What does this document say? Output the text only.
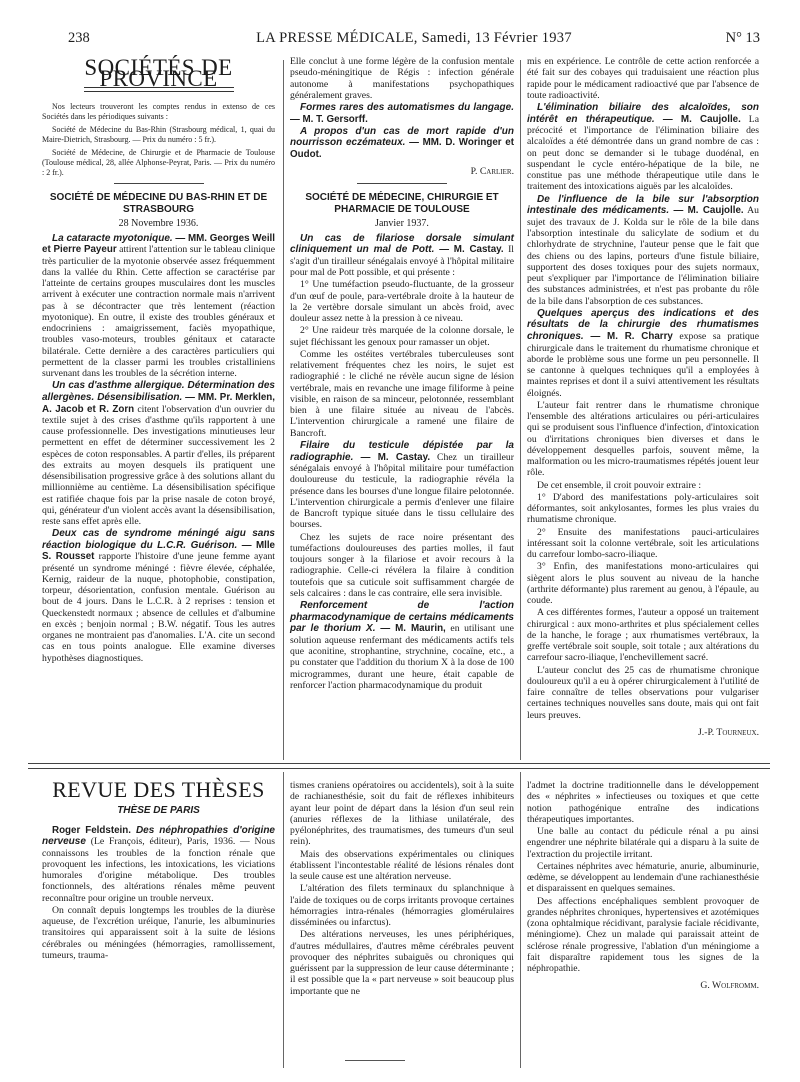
238	LA PRESSE MÉDICALE, Samedi, 13 Février 1937	N° 13
SOCIÉTÉS DE PROVINCE

Nos lecteurs trouveront les comptes rendus in extenso de ces Sociétés dans les périodiques suivants :

Société de Médecine du Bas-Rhin (Strasbourg médical, 1, quai du Maire-Dietrich, Strasbourg. — Prix du numéro : 5 fr.).

Société de Médecine, de Chirurgie et de Pharmacie de Toulouse (Toulouse médical, 28, allée Alphonse-Peyrat, Paris. — Prix du numéro : 2 fr.).

SOCIÉTÉ DE MÉDECINE DU BAS-RHIN ET DE STRASBOURG
28 Novembre 1936.

La cataracte myotonique. — MM. Georges Weill et Pierre Payeur attirent l'attention sur le tableau clinique très particulier de la myotonie observée assez fréquemment dans la vallée du Rhin. Cette affection se caractérise par l'atteinte de certains groupes musculaires dont les muscles arrivent à exécuter une contraction normale mais n'arrivent pas à se décontracter que très lentement (réaction myotonique). En outre, il existe des troubles généraux et endocriniens : amaigrissement, faciès myopathique, troubles vaso-moteurs, troubles génitaux et cataracte bilatérale. Cette dernière a des caractères particuliers qui permettent de la classer parmi les troubles cristalliniens survenant dans les troubles de la sécrétion interne.

Un cas d'asthme allergique. Détermination des allergènes. Désensibilisation. — MM. Pr. Merklen, A. Jacob et R. Zorn citent l'observation d'un ouvrier du textile sujet à des crises d'asthme qu'ils rapportent à une cause professionnelle. Des investigations minutieuses leur permettent en effet de déterminer successivement les 2 espèces de coton responsables. A partir d'elles, ils préparent des extraits au moyen desquels ils pratiquent une désensibilisation progressive grâce à des solutions allant du millionnième au centième. La désensibilisation spécifique est ratifiée chaque fois par la prise nasale de coton broyé, qui, générateur d'un violent accès avant la désensibilisation, reste sans effet après elle.

Deux cas de syndrome méningé aigu sans réaction biologique du L.C.R. Guérison. — Mlle S. Rousset rapporte l'histoire d'une jeune femme ayant présenté un syndrome méningé : fièvre élevée, céphalée, Kernig, raideur de la nuque, photophobie, constipation, torpeur, désorientation, confusion mentale. Guérison au bout de 4 jours. Dans le L.C.R. à 2 reprises : tension et Queckenstedt normaux ; absence de cellules et d'albumine en excès ; benjoin normal ; B.W. négatif. Tous les autres organes ne montraient pas d'anomalies. L'A. cite un second cas en tous points analogue. Elle examine diverses hypothèses diagnostiques.

Elle conclut à une forme légère de la confusion mentale pseudo-méningitique de Régis : infection générale autonome à manifestations psychopathiques généralement graves.

Formes rares des automatismes du langage. — M. T. Gersorff.

A propos d'un cas de mort rapide d'un nourrisson eczémateux. — MM. D. Woringer et Oudot.

P. Carlier.

SOCIÉTÉ DE MÉDECINE, CHIRURGIE ET PHARMACIE DE TOULOUSE
Janvier 1937.

Un cas de filariose dorsale simulant cliniquement un mal de Pott. — M. Castay. Il s'agit d'un tirailleur sénégalais envoyé à l'hôpital militaire pour mal de Pott possible, et qui présente :

1° Une tuméfaction pseudo-fluctuante, de la grosseur d'un œuf de poule, para-vertébrale droite à la hauteur de la 2e vertèbre dorsale simulant un abcès froid, avec douleur assez nette à la pression à ce niveau.

2° Une raideur très marquée de la colonne dorsale, le sujet fléchissant les genoux pour ramasser un objet.

Comme les ostéites vertébrales tuberculeuses sont relativement fréquentes chez les noirs, le sujet est radiographié : le cliché ne révèle aucun signe de lésion vertébrale, mais en revanche une image filiforme à peine visible, en raison de sa minceur, pelotonnée, ressemblant bien à une filaire située au niveau de l'abcès. L'intervention chirurgicale a ramené une filaire de Bancroft.

Filaire du testicule dépistée par la radiographie. — M. Castay. Chez un tirailleur sénégalais envoyé à l'hôpital militaire pour tuméfaction douloureuse du testicule, la radiographie révéla la présence dans les bourses d'une longue filaire pelotonnée. L'intervention chirurgicale a permis d'enlever une filaire de Bancroft typique située dans le tissu cellulaire des bourses.

Chez les sujets de race noire présentant des tuméfactions douloureuses des parties molles, il faut toujours songer à la filariose et avoir recours à la radiographie. Celle-ci révélera la filaire à condition toutefois que sa cuticule soit suffisamment chargée de sels calcaires : dans le cas contraire, elle sera invisible.

Renforcement de l'action pharmacodynamique de certains médicaments par le thorium X. — M. Maurin, en utilisant une solution aqueuse renfermant des médicaments actifs tels que aconitine, strophantine, strychnine, cocaïne, etc., a pu constater que l'addition du thorium X à la dose de 100 microgrammes, durant une heure, était capable de renforcer l'action pharmacodynamique du produit

mis en expérience. Le contrôle de cette action renforcée a été fait sur des cobayes qui traduisaient une réaction plus rapide pour le médicament radioactivé que par l'absence de toute radioactivité.

L'élimination biliaire des alcaloïdes, son intérêt en thérapeutique. — M. Caujolle. La précocité et l'importance de l'élimination biliaire des alcaloïdes a été démontrée dans un grand nombre de cas : on peut donc se demander si le tubage duodénal, en suspendant le cycle entéro-hépatique de la bile, ne constitue pas une méthode thérapeutique utile dans le traitement des intoxications aiguës par les alcaloïdes.

De l'influence de la bile sur l'absorption intestinale des médicaments. — M. Caujolle. Au sujet des travaux de J. Kolda sur le rôle de la bile dans l'absorption intestinale du salicylate de sodium et du chlorhydrate de strychnine, l'auteur pense que le fait que des chiens ou des lapins, porteurs d'une fistule biliaire, supportent des doses toxiques pour des sujets normaux, peut s'expliquer par l'importance de l'élimination biliaire des substances administrées, et n'est pas probante du rôle de la bile dans l'absorption de ces substances.

Quelques aperçus des indications et des résultats de la chirurgie des rhumatismes chroniques. — M. R. Charry expose sa pratique chirurgicale dans le traitement du rhumatisme chronique et aborde le problème sous une forme un peu personnelle. Il se cantonne à quelques techniques qu'il a employées à maintes reprises et dont il a suivi attentivement les résultats éloignés.

L'auteur fait rentrer dans le rhumatisme chronique l'ensemble des altérations articulaires ou péri-articulaires qui se produisent sous l'influence d'infection, d'intoxication ou d'irritations chroniques bien diverses et dans le développement desquelles parfois, souvent même, la malformation ou les micro-traumatismes répétés jouent leur rôle.

De cet ensemble, il croit pouvoir extraire :

1° D'abord des manifestations poly-articulaires soit déformantes, soit ankylosantes, formes les plus vraies du rhumatisme chronique.

2° Ensuite des manifestations pauci-articulaires intéressant soit la colonne vertébrale, soit les articulations du carrefour lombo-sacro-iliaque.

3° Enfin, des manifestations mono-articulaires qui siègent alors le plus souvent au niveau de la hanche (arthrite déformante) plus rarement au genou, à l'épaule, au coude.

A ces différentes formes, l'auteur a opposé un traitement chirurgical : aux mono-arthrites et plus spécialement celles de la hanche, le forage ; aux rhumatismes vertébraux, la greffe vertébrale soit souple, soit totale ; aux altérations du carrefour sacro-iliaque, l'enchevillement sacré.

L'auteur conclut des 25 cas de rhumatisme chronique douloureux qu'il a eu à opérer chirurgicalement à l'utilité de faire connaître de telles observations pour vulgariser certaines techniques nouvelles sans doute, mais qui ont fait leurs preuves.

J.-P. Tourneux.

REVUE DES THÈSES
THÈSE DE PARIS

Roger Feldstein. Des néphropathies d'origine nerveuse (Le François, éditeur), Paris, 1936. — Nous connaissons les troubles de la fonction rénale que provoquent les infections, les intoxications, les viciations humorales d'origine métabolique. Des troubles fonctionnels, des altérations rénales même peuvent reconnaître pour origine un trouble nerveux.

On connaît depuis longtemps les troubles de la diurèse aqueuse, de l'excrétion uréique, l'anurie, les albuminuries transitoires qui apparaissent soit à la suite de lésions cérébrales ou méningées (hémorragies, ramollissement, tumeurs, trauma-

tismes craniens opératoires ou accidentels), soit à la suite de rachianesthésie, soit du fait de réflexes inhibiteurs ayant leur point de départ dans la lésion d'un seul rein (anuries réflexes de la lithiase unilatérale, des pyélonéphrites, des traumatismes, des tumeurs d'un seul rein).

Mais des observations expérimentales ou cliniques établissent l'incontestable réalité de lésions rénales dont la seule cause est une altération nerveuse.

L'altération des filets terminaux du splanchnique à l'aide de toxiques ou de corps irritants provoque certaines hémorragies intra-rénales (hémorragies glomérulaires disséminées ou infarctus).

Des altérations nerveuses, les unes périphériques, d'autres médullaires, d'autres même cérébrales peuvent provoquer des néphrites subaiguës ou chroniques qui guérissent par la suppression de leur cause déterminante ; il est possible que la « part nerveuse » soit beaucoup plus importante que ne

l'admet la doctrine traditionnelle dans le développement des « néphrites » infectieuses ou toxiques et que cette notion pathogénique entraîne des indications thérapeutiques importantes.

Une balle au contact du pédicule rénal a pu ainsi engendrer une néphrite bilatérale qui a disparu à la suite de l'extraction du projectile irritant.

Certaines néphrites avec hématurie, anurie, albuminurie, œdème, se développent au lendemain d'une rachianesthésie et disparaissent en quelques semaines.

Des affections encéphaliques semblent provoquer de grandes néphrites chroniques, hypertensives et azotémiques (zona ophtalmique récidivant, paralysie faciale récidivante, méningiome). Chez un malade qui paraissait atteint de sclérose rénale progressive, l'ablation d'un méningiome a fait disparaître rapidement tous les signes de la néphropathie.

G. Wolfromm.
